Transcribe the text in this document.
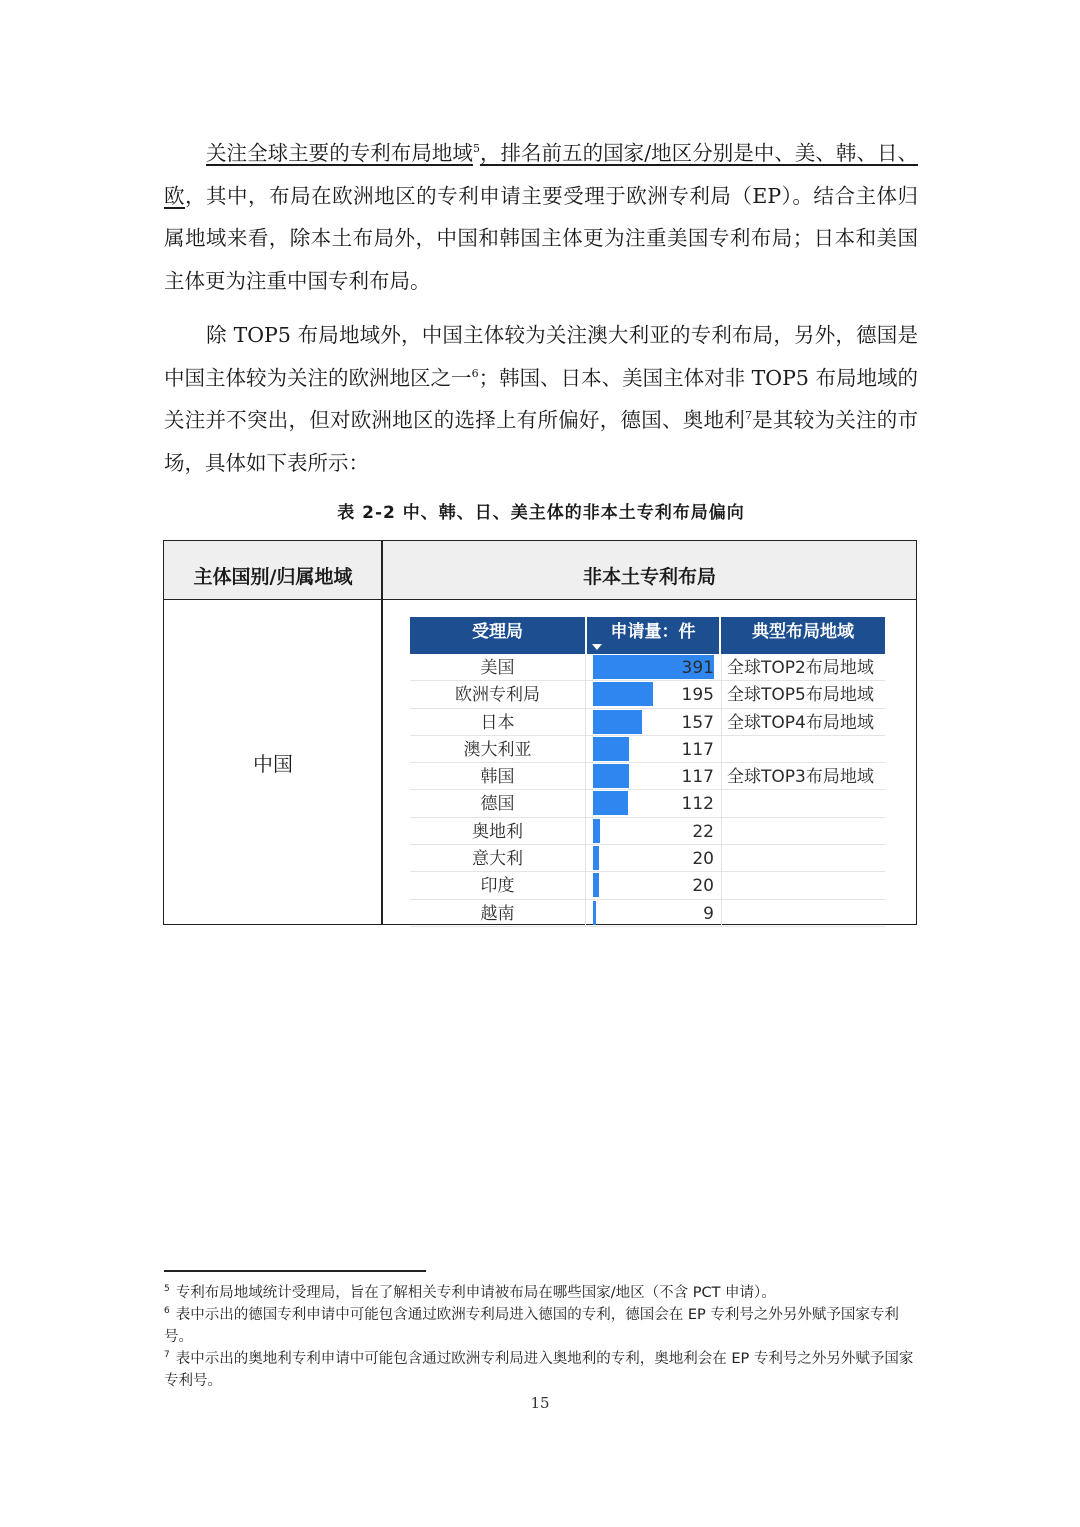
关注全球主要的专利布局地域$^5$，排名前五的国家/地区分别是中、美、韩、日、欧，其中，布局在欧洲地区的专利申请主要受理于欧洲专利局（EP）。结合主体归属地域来看，除本土布局外，中国和韩国主体更为注重美国专利布局；日本和美国主体更为注重中国专利布局。

除 TOP5 布局地域外，中国主体较为关注澳大利亚的专利布局，另外，德国是中国主体较为关注的欧洲地区之一$^6$；韩国、日本、美国主体对非 TOP5 布局地域的关注并不突出，但对欧洲地区的选择上有所偏好，德国、奥地利$^7$是其较为关注的市场，具体如下表所示：

表 2-2 中、韩、日、美主体的非本土专利布局偏向
主体国别/归属地域	非本土专利布局
中国
受理局	申请量：件	典型布局地域
美国	391 全球TOP2布局地域
欧洲专利局	195 全球TOP5布局地域
日本	157 全球TOP4布局地域
澳大利亚	117
韩国	117 全球TOP3布局地域
德国	112
奥地利	22
意大利	20
印度	20
越南	9

$^5$ 专利布局地域统计受理局，旨在了解相关专利申请被布局在哪些国家/地区（不含 PCT 申请）。

$^6$ 表中示出的德国专利申请中可能包含通过欧洲专利局进入德国的专利，德国会在 EP 专利号之外另外赋予国家专利号。

$^7$ 表中示出的奥地利专利申请中可能包含通过欧洲专利局进入奥地利的专利，奥地利会在 EP 专利号之外另外赋予国家专利号。

15
